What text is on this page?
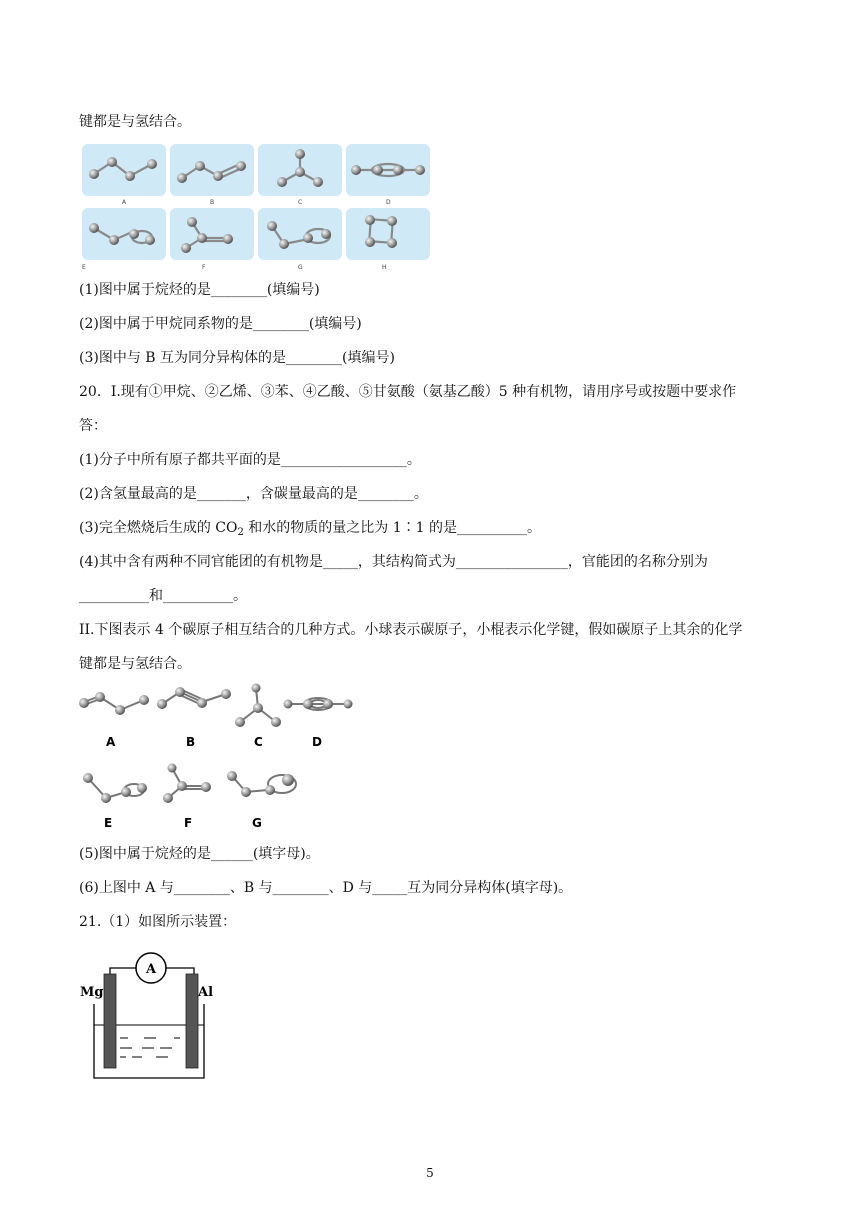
键都是与氢结合。
A	B	C	D
E	F	G	H
(1)图中属于烷烃的是________(填编号)
(2)图中属于甲烷同系物的是________(填编号)
(3)图中与 B 互为同分异构体的是________(填编号)
20．I.现有①甲烷、②乙烯、③苯、④乙酸、⑤甘氨酸（氨基乙酸）5 种有机物，请用序号或按题中要求作
答：
(1)分子中所有原子都共平面的是__________________。
(2)含氢量最高的是_______，含碳量最高的是________。
(3)完全燃烧后生成的 $CO_2$ 和水的物质的量之比为 1∶1 的是__________。
(4)其中含有两种不同官能团的有机物是_____，其结构简式为________________，官能团的名称分别为
__________和__________。
II.下图表示 4 个碳原子相互结合的几种方式。小球表示碳原子，小棍表示化学键，假如碳原子上其余的化学
键都是与氢结合。
A	B	C	D
E	F	G
(5)图中属于烷烃的是______(填字母)。
(6)上图中 A 与________、B 与________、D 与_____互为同分异构体(填字母)。
21.（1）如图所示装置：
A
Mg	Al
5
